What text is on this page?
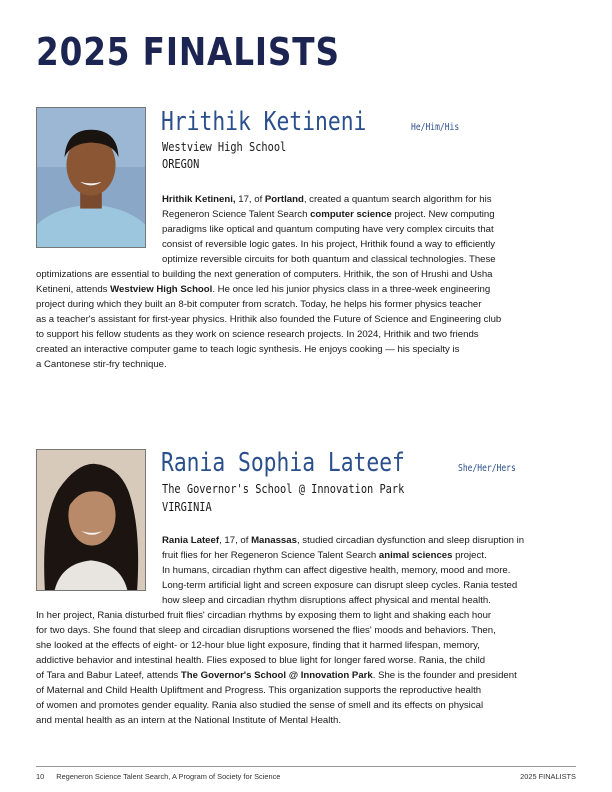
2025 FINALISTS
Hrithik Ketineni	He/Him/His
Westview High School
OREGON
Hrithik Ketineni, 17, of Portland, created a quantum search algorithm for his
Regeneron Science Talent Search computer science project. New computing
paradigms like optical and quantum computing have very complex circuits that
consist of reversible logic gates. In his project, Hrithik found a way to efficiently
optimize reversible circuits for both quantum and classical technologies. These
optimizations are essential to building the next generation of computers. Hrithik, the son of Hrushi and Usha
Ketineni, attends Westview High School. He once led his junior physics class in a three-week engineering
project during which they built an 8-bit computer from scratch. Today, he helps his former physics teacher
as a teacher's assistant for first-year physics. Hrithik also founded the Future of Science and Engineering club
to support his fellow students as they work on science research projects. In 2024, Hrithik and two friends
created an interactive computer game to teach logic synthesis. He enjoys cooking — his specialty is
a Cantonese stir-fry technique.
Rania Sophia Lateef	She/Her/Hers
The Governor's School @ Innovation Park
VIRGINIA
Rania Lateef, 17, of Manassas, studied circadian dysfunction and sleep disruption in
fruit flies for her Regeneron Science Talent Search animal sciences project.
In humans, circadian rhythm can affect digestive health, memory, mood and more.
Long-term artificial light and screen exposure can disrupt sleep cycles. Rania tested
how sleep and circadian rhythm disruptions affect physical and mental health.
In her project, Rania disturbed fruit flies' circadian rhythms by exposing them to light and shaking each hour
for two days. She found that sleep and circadian disruptions worsened the flies' moods and behaviors. Then,
she looked at the effects of eight- or 12-hour blue light exposure, finding that it harmed lifespan, memory,
addictive behavior and intestinal health. Flies exposed to blue light for longer fared worse. Rania, the child
of Tara and Babur Lateef, attends The Governor's School @ Innovation Park. She is the founder and president
of Maternal and Child Health Upliftment and Progress. This organization supports the reproductive health
of women and promotes gender equality. Rania also studied the sense of smell and its effects on physical
and mental health as an intern at the National Institute of Mental Health.
10 Regeneron Science Talent Search, A Program of Society for Science	2025 FINALISTS
